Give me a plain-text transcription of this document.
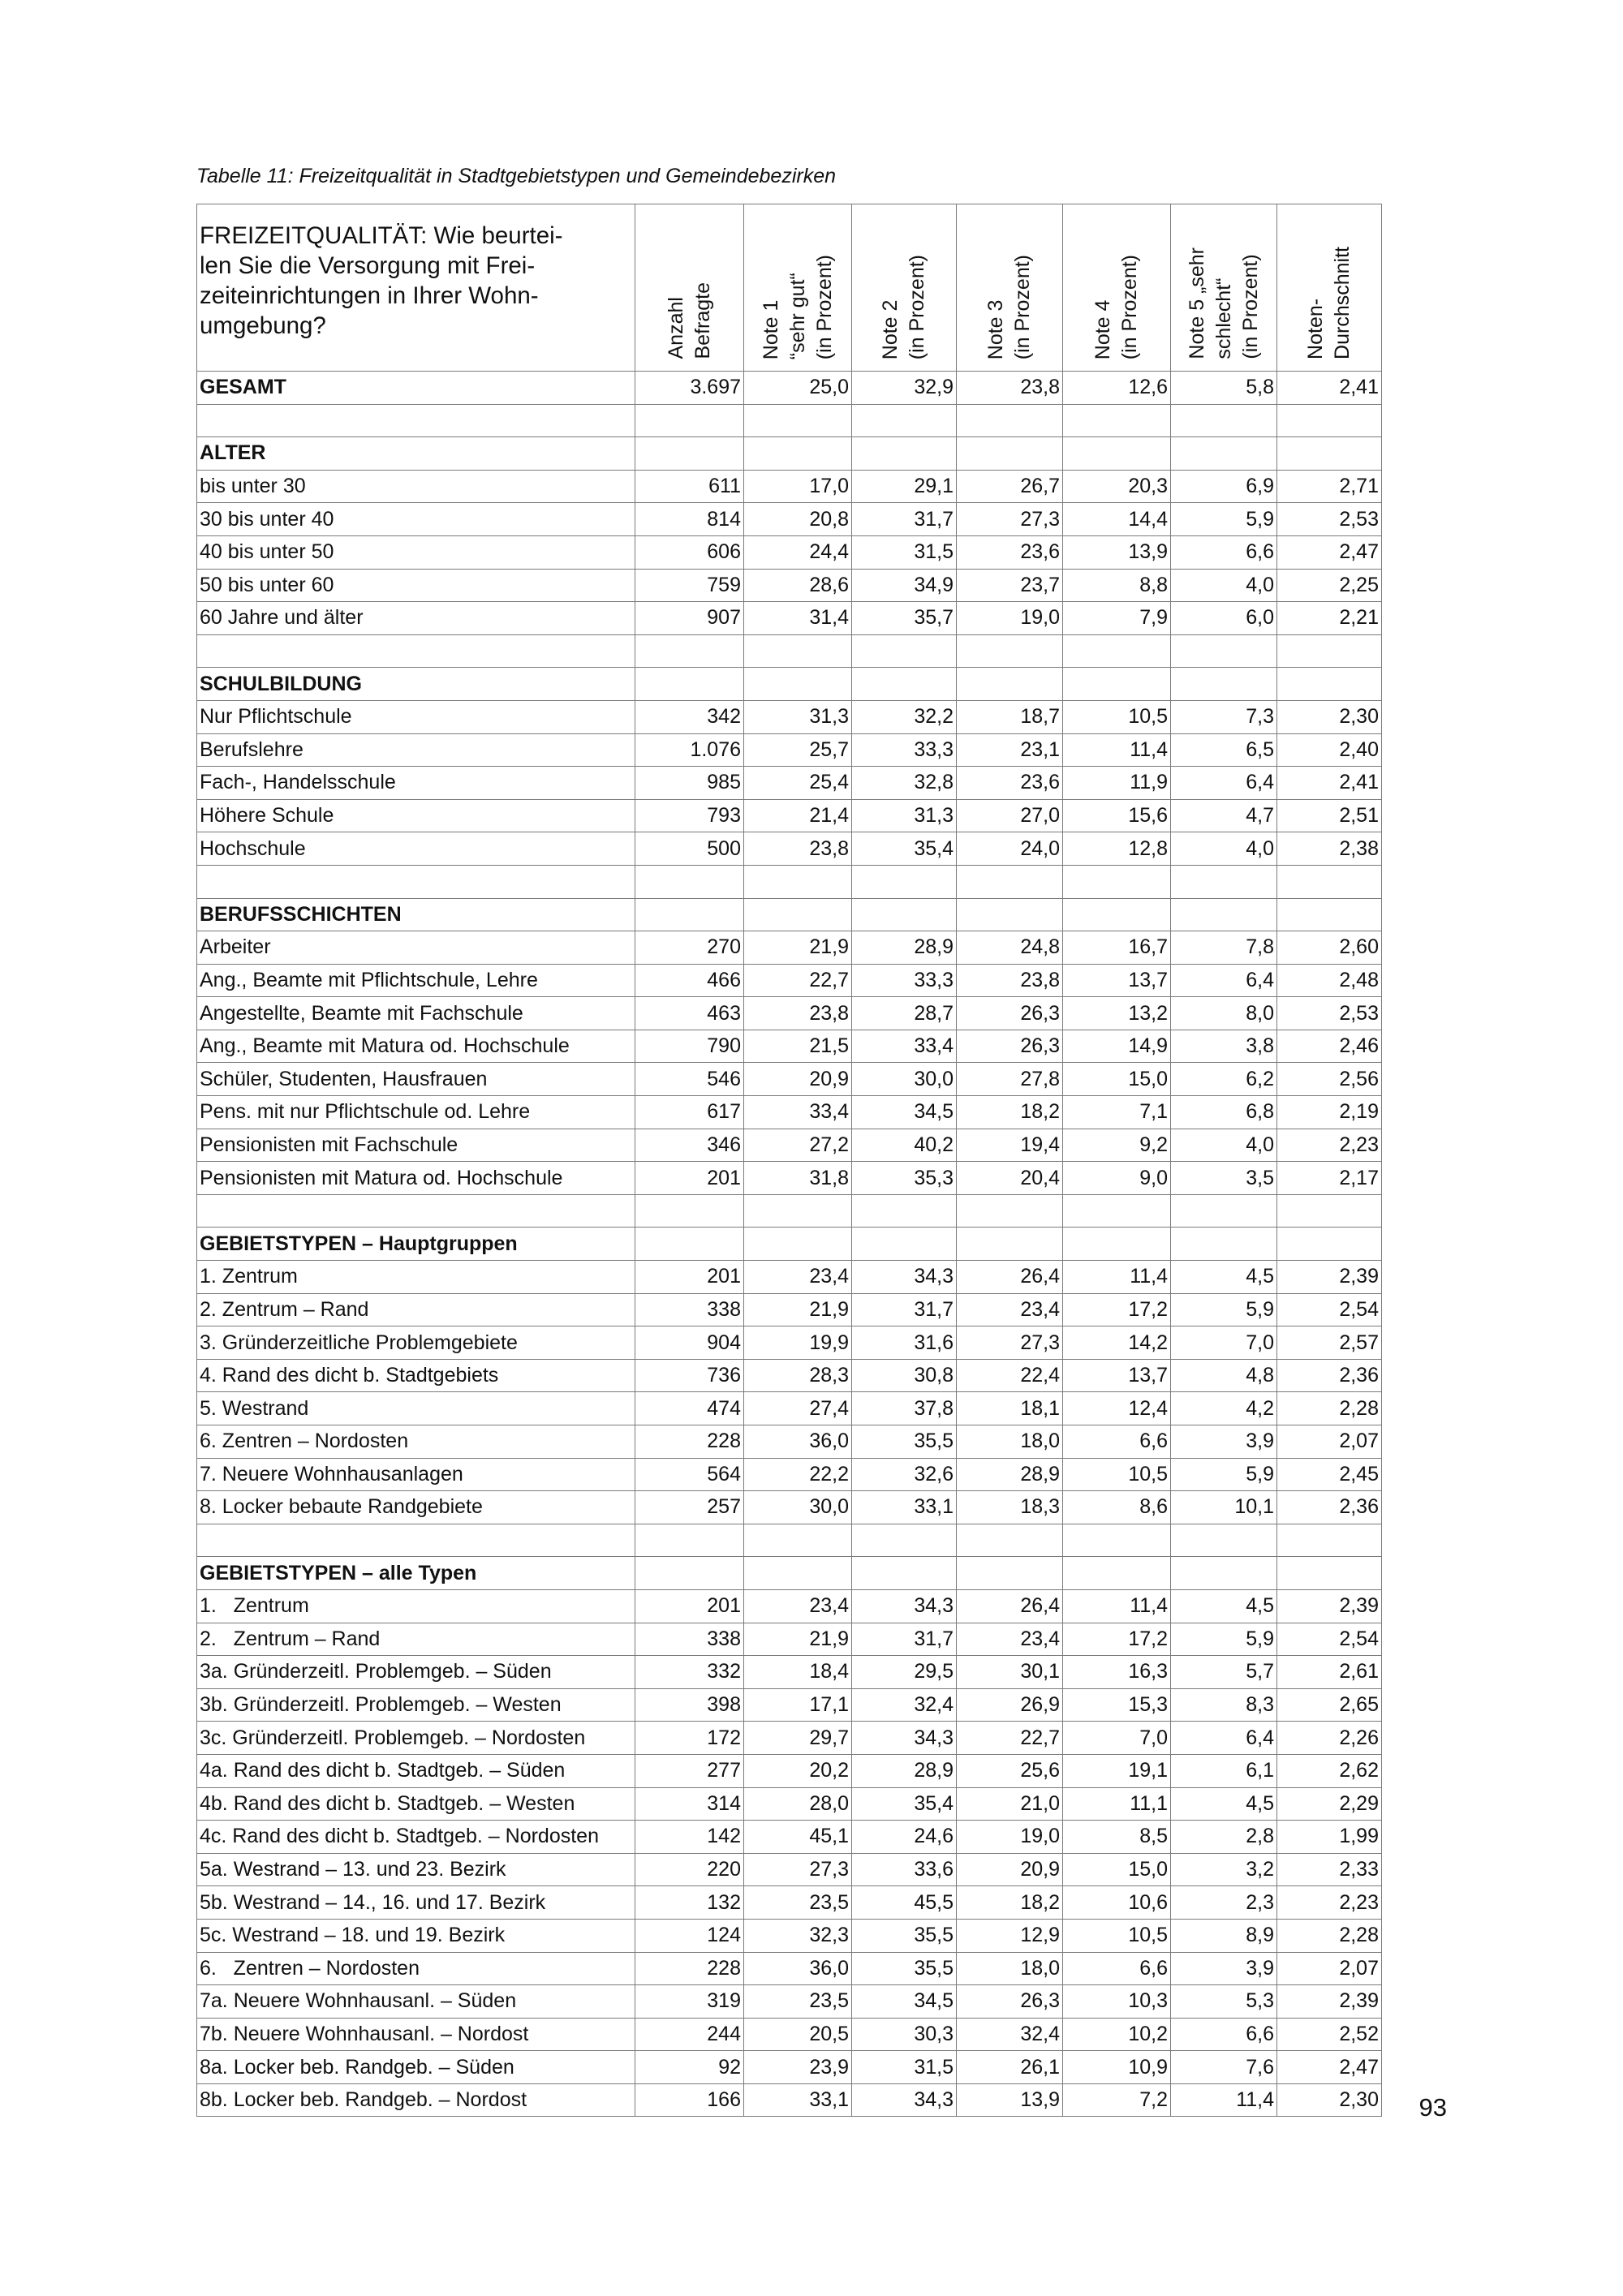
Tabelle 11: Freizeitqualität in Stadtgebietstypen und Gemeindebezirken
FREIZEITQUALITÄT: Wie beurtei-
len Sie die Versorgung mit Frei-
zeiteinrichtungen in Ihrer Wohn-
umgebung?	Anzahl Befragte	Note 1 “sehr gut“ (in Prozent)	Note 2 (in Prozent)	Note 3 (in Prozent)	Note 4 (in Prozent)	Note 5 „sehr schlecht“ (in Prozent)	Noten- Durchschnitt

GESAMT	3.697	25,0	32,9	23,8	12,6	5,8	2,41

ALTER							
bis unter 30	611	17,0	29,1	26,7	20,3	6,9	2,71
30 bis unter 40	814	20,8	31,7	27,3	14,4	5,9	2,53
40 bis unter 50	606	24,4	31,5	23,6	13,9	6,6	2,47
50 bis unter 60	759	28,6	34,9	23,7	8,8	4,0	2,25
60 Jahre und älter	907	31,4	35,7	19,0	7,9	6,0	2,21

SCHULBILDUNG							
Nur Pflichtschule	342	31,3	32,2	18,7	10,5	7,3	2,30
Berufslehre	1.076	25,7	33,3	23,1	11,4	6,5	2,40
Fach-, Handelsschule	985	25,4	32,8	23,6	11,9	6,4	2,41
Höhere Schule	793	21,4	31,3	27,0	15,6	4,7	2,51
Hochschule	500	23,8	35,4	24,0	12,8	4,0	2,38

BERUFSSCHICHTEN							
Arbeiter	270	21,9	28,9	24,8	16,7	7,8	2,60
Ang., Beamte mit Pflichtschule, Lehre	466	22,7	33,3	23,8	13,7	6,4	2,48
Angestellte, Beamte mit Fachschule	463	23,8	28,7	26,3	13,2	8,0	2,53
Ang., Beamte mit Matura od. Hochschule	790	21,5	33,4	26,3	14,9	3,8	2,46
Schüler, Studenten, Hausfrauen	546	20,9	30,0	27,8	15,0	6,2	2,56
Pens. mit nur Pflichtschule od. Lehre	617	33,4	34,5	18,2	7,1	6,8	2,19
Pensionisten mit Fachschule	346	27,2	40,2	19,4	9,2	4,0	2,23
Pensionisten mit Matura od. Hochschule	201	31,8	35,3	20,4	9,0	3,5	2,17

GEBIETSTYPEN – Hauptgruppen							
1. Zentrum	201	23,4	34,3	26,4	11,4	4,5	2,39
2. Zentrum – Rand	338	21,9	31,7	23,4	17,2	5,9	2,54
3. Gründerzeitliche Problemgebiete	904	19,9	31,6	27,3	14,2	7,0	2,57
4. Rand des dicht b. Stadtgebiets	736	28,3	30,8	22,4	13,7	4,8	2,36
5. Westrand	474	27,4	37,8	18,1	12,4	4,2	2,28
6. Zentren – Nordosten	228	36,0	35,5	18,0	6,6	3,9	2,07
7. Neuere Wohnhausanlagen	564	22,2	32,6	28,9	10,5	5,9	2,45
8. Locker bebaute Randgebiete	257	30,0	33,1	18,3	8,6	10,1	2,36

GEBIETSTYPEN – alle Typen							
1.   Zentrum	201	23,4	34,3	26,4	11,4	4,5	2,39
2.   Zentrum – Rand	338	21,9	31,7	23,4	17,2	5,9	2,54
3a. Gründerzeitl. Problemgeb. – Süden	332	18,4	29,5	30,1	16,3	5,7	2,61
3b. Gründerzeitl. Problemgeb. – Westen	398	17,1	32,4	26,9	15,3	8,3	2,65
3c. Gründerzeitl. Problemgeb. – Nordosten	172	29,7	34,3	22,7	7,0	6,4	2,26
4a. Rand des dicht b. Stadtgeb. – Süden	277	20,2	28,9	25,6	19,1	6,1	2,62
4b. Rand des dicht b. Stadtgeb. – Westen	314	28,0	35,4	21,0	11,1	4,5	2,29
4c. Rand des dicht b. Stadtgeb. – Nordosten	142	45,1	24,6	19,0	8,5	2,8	1,99
5a. Westrand – 13. und 23. Bezirk	220	27,3	33,6	20,9	15,0	3,2	2,33
5b. Westrand – 14., 16. und 17. Bezirk	132	23,5	45,5	18,2	10,6	2,3	2,23
5c. Westrand – 18. und 19. Bezirk	124	32,3	35,5	12,9	10,5	8,9	2,28
6.   Zentren – Nordosten	228	36,0	35,5	18,0	6,6	3,9	2,07
7a. Neuere Wohnhausanl. – Süden	319	23,5	34,5	26,3	10,3	5,3	2,39
7b. Neuere Wohnhausanl. – Nordost	244	20,5	30,3	32,4	10,2	6,6	2,52
8a. Locker beb. Randgeb. – Süden	92	23,9	31,5	26,1	10,9	7,6	2,47
8b. Locker beb. Randgeb. – Nordost	166	33,1	34,3	13,9	7,2	11,4	2,30 93
